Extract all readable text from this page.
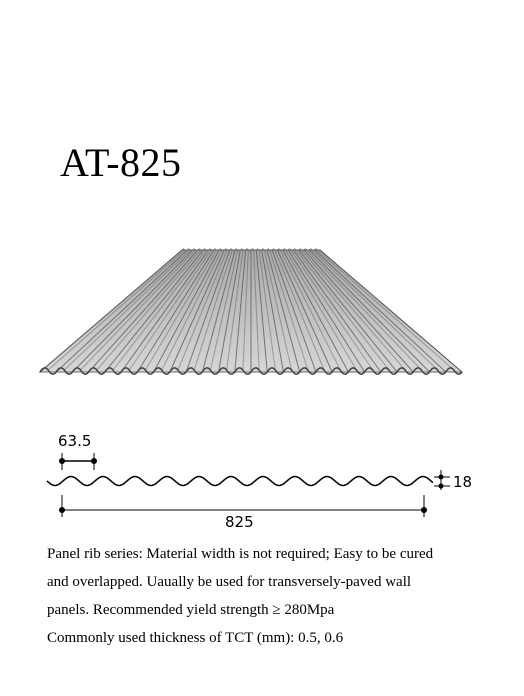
AT-825
63.5
18
825
Panel rib series: Material width is not required; Easy to be cured
and overlapped. Uaually be used for transversely-paved wall
panels. Recommended yield strength ≥ 280Mpa
Commonly used thickness of TCT (mm): 0.5, 0.6
